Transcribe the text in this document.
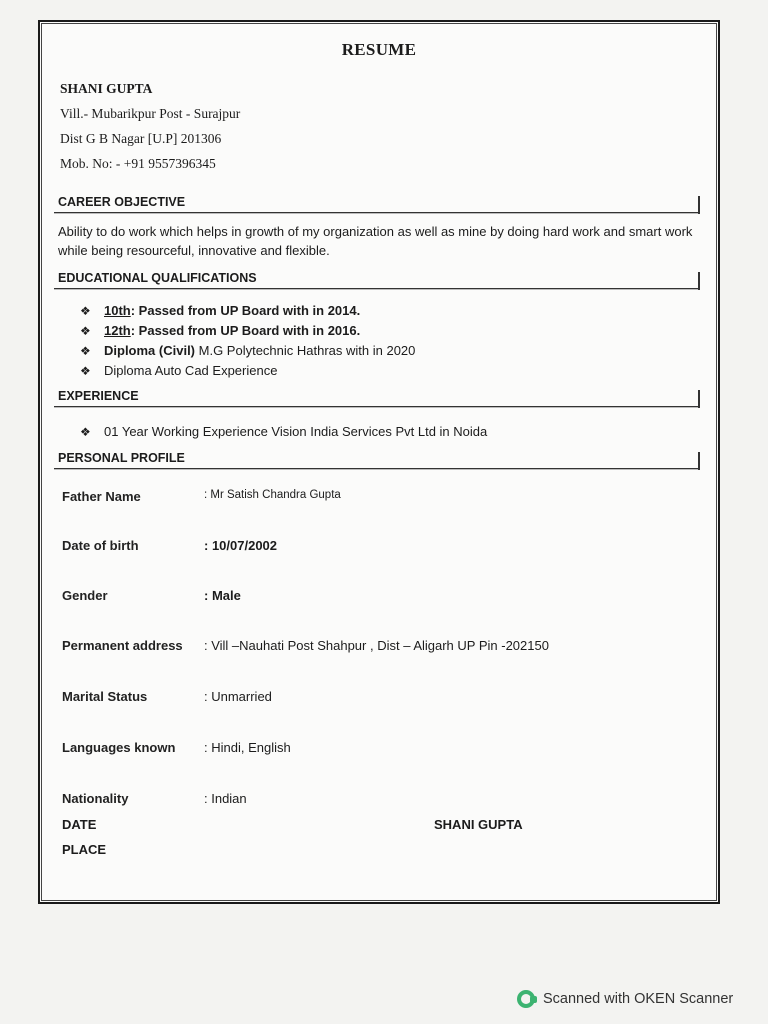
RESUME
SHANI GUPTA
Vill.- Mubarikpur Post - Surajpur
Dist G B Nagar [U.P] 201306
Mob. No: - +91 9557396345
CAREER OBJECTIVE
Ability to do work which helps in growth of my organization as well as mine by doing hard work and smart work while being resourceful, innovative and flexible.
EDUCATIONAL QUALIFICATIONS
❖ 10th: Passed from UP Board with in 2014.
❖ 12th: Passed from UP Board with in 2016.
❖ Diploma (Civil) M.G Polytechnic Hathras with in 2020
❖ Diploma Auto Cad Experience
EXPERIENCE
❖ 01 Year Working Experience Vision India Services Pvt Ltd in Noida
PERSONAL PROFILE
Father Name	: Mr Satish Chandra Gupta
Date of birth	: 10/07/2002
Gender	: Male
Permanent address : Vill –Nauhati Post Shahpur , Dist – Aligarh UP Pin -202150
Marital Status	: Unmarried
Languages known : Hindi, English
Nationality	: Indian
DATE
PLACE
SHANI GUPTA
Scanned with OKEN Scanner
